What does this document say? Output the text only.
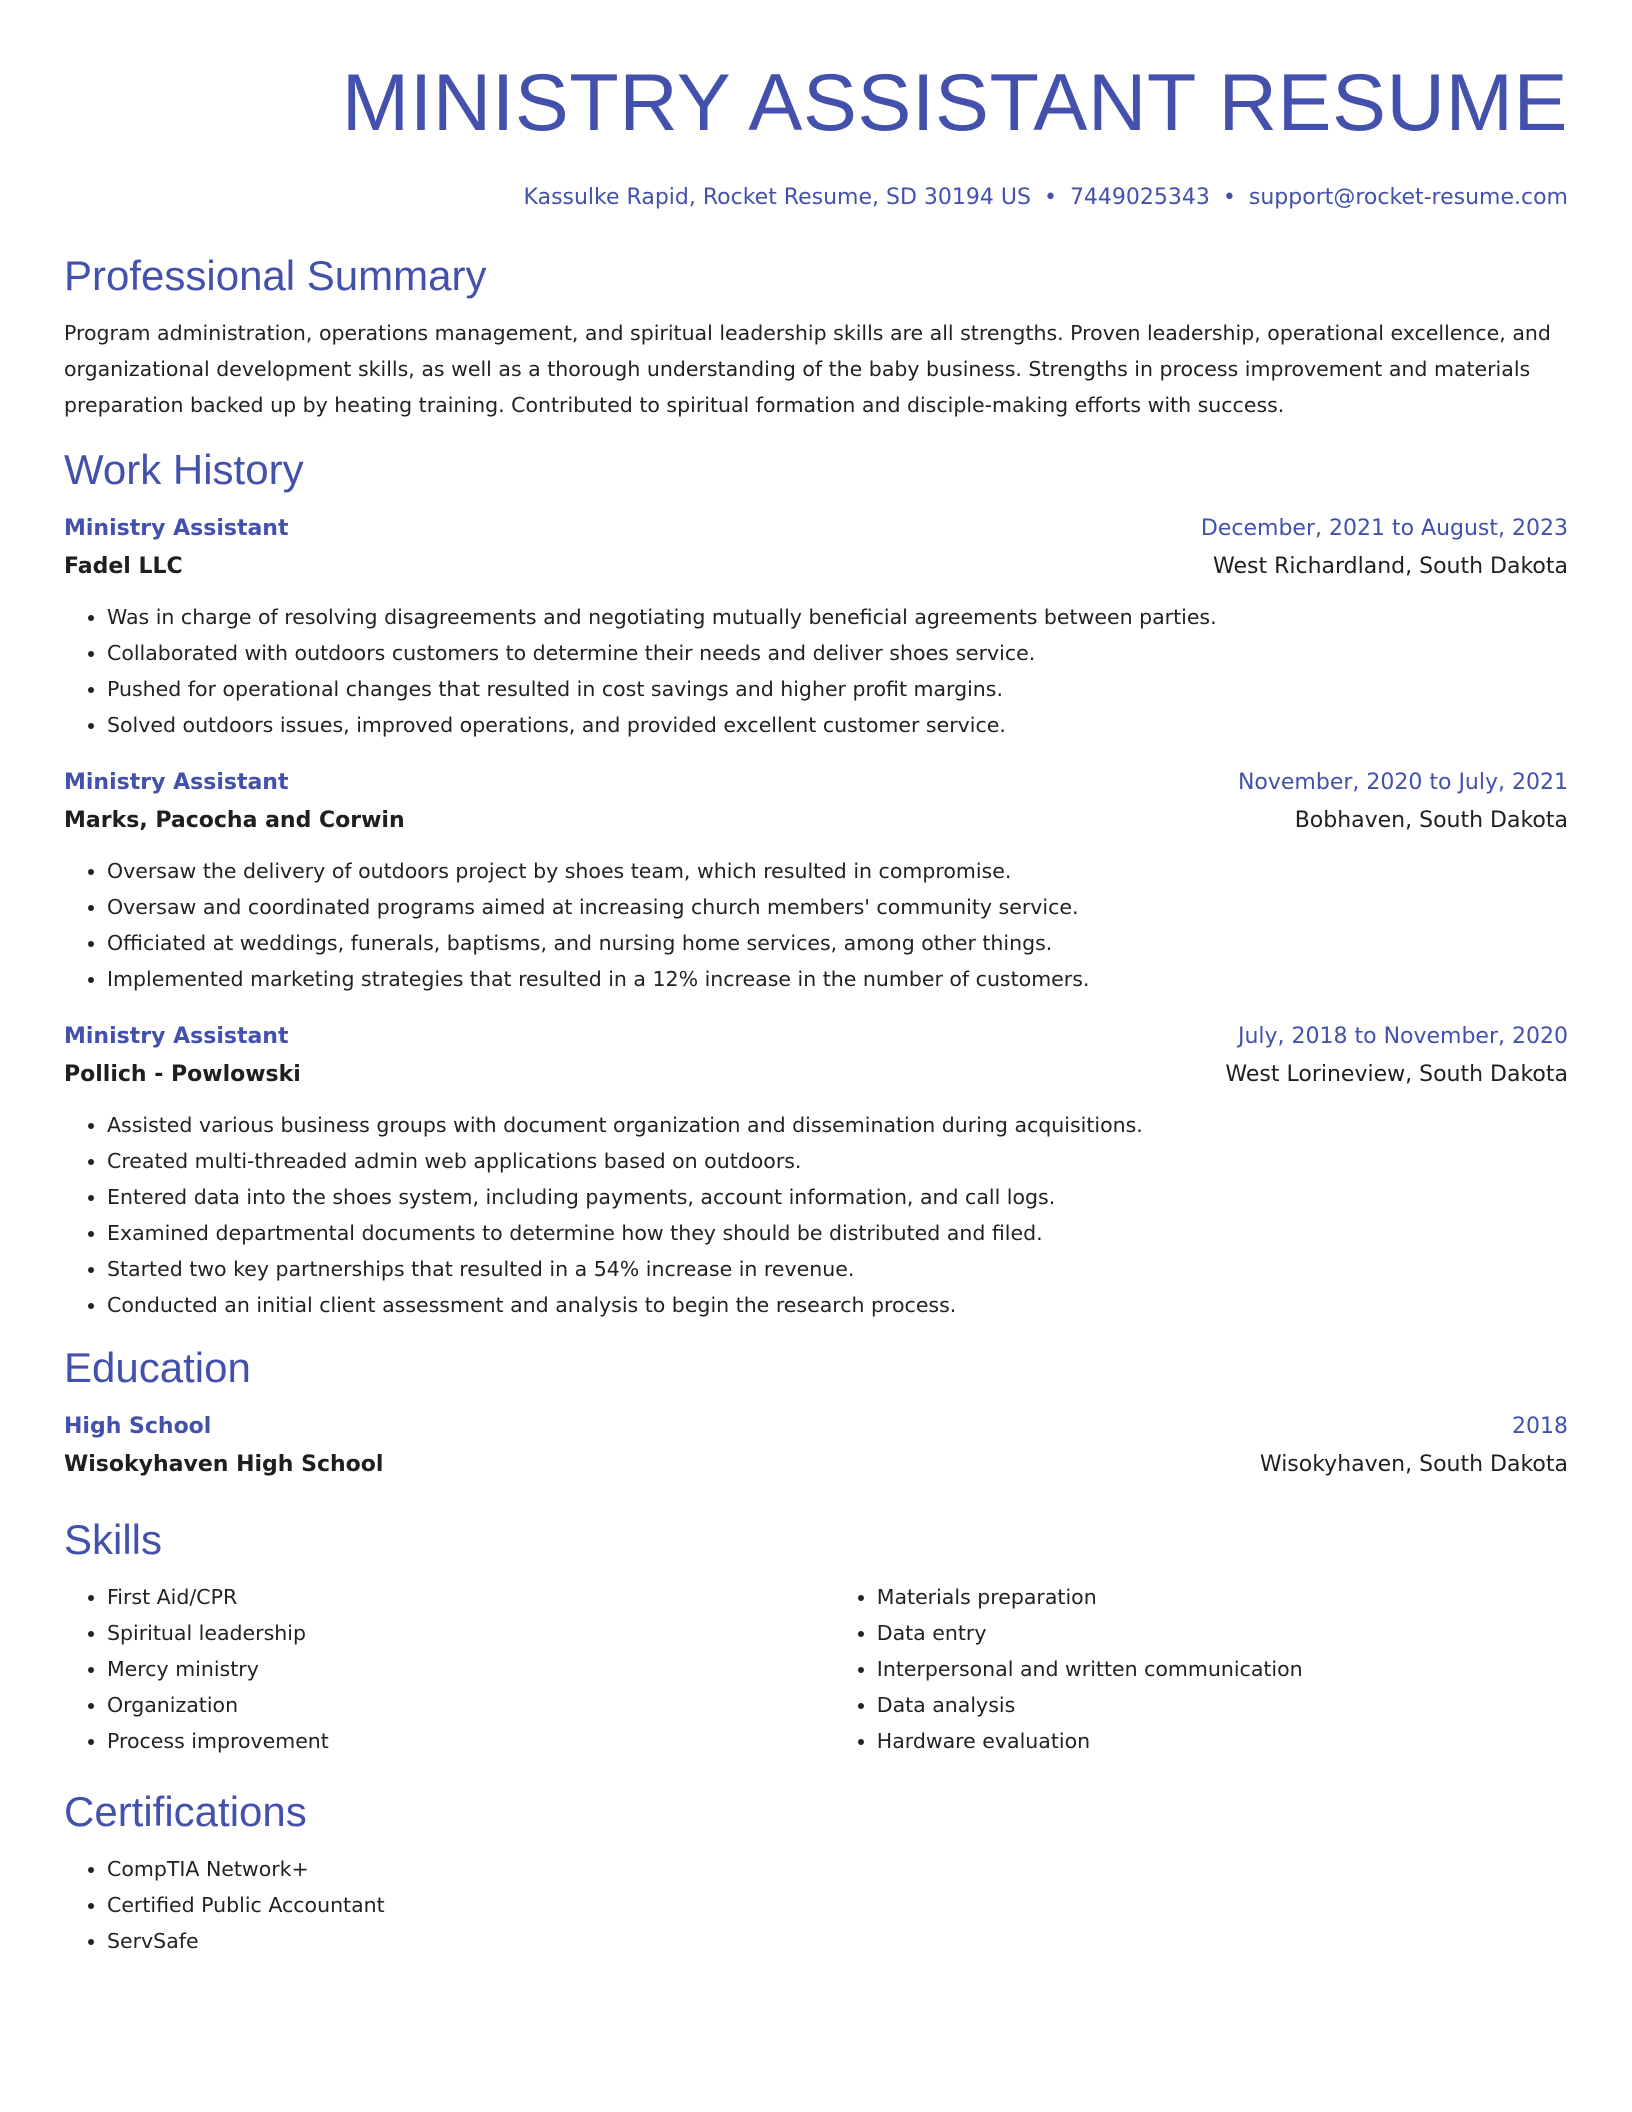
MINISTRY ASSISTANT RESUME
Kassulke Rapid, Rocket Resume, SD 30194 US • 7449025343 • support@rocket-resume.com
Professional Summary
Program administration, operations management, and spiritual leadership skills are all strengths. Proven leadership, operational excellence, and organizational development skills, as well as a thorough understanding of the baby business. Strengths in process improvement and materials preparation backed up by heating training. Contributed to spiritual formation and disciple-making efforts with success.
Work History
Ministry Assistant	December, 2021 to August, 2023
Fadel LLC	West Richardland, South Dakota
• Was in charge of resolving disagreements and negotiating mutually beneficial agreements between parties.
• Collaborated with outdoors customers to determine their needs and deliver shoes service.
• Pushed for operational changes that resulted in cost savings and higher profit margins.
• Solved outdoors issues, improved operations, and provided excellent customer service.
Ministry Assistant	November, 2020 to July, 2021
Marks, Pacocha and Corwin	Bobhaven, South Dakota
• Oversaw the delivery of outdoors project by shoes team, which resulted in compromise.
• Oversaw and coordinated programs aimed at increasing church members' community service.
• Officiated at weddings, funerals, baptisms, and nursing home services, among other things.
• Implemented marketing strategies that resulted in a 12% increase in the number of customers.
Ministry Assistant	July, 2018 to November, 2020
Pollich - Powlowski	West Lorineview, South Dakota
• Assisted various business groups with document organization and dissemination during acquisitions.
• Created multi-threaded admin web applications based on outdoors.
• Entered data into the shoes system, including payments, account information, and call logs.
• Examined departmental documents to determine how they should be distributed and filed.
• Started two key partnerships that resulted in a 54% increase in revenue.
• Conducted an initial client assessment and analysis to begin the research process.
Education
High School	2018
Wisokyhaven High School	Wisokyhaven, South Dakota
Skills
• First Aid/CPR
• Spiritual leadership
• Mercy ministry
• Organization
• Process improvement
• Materials preparation
• Data entry
• Interpersonal and written communication
• Data analysis
• Hardware evaluation
Certifications
• CompTIA Network+
• Certified Public Accountant
• ServSafe
